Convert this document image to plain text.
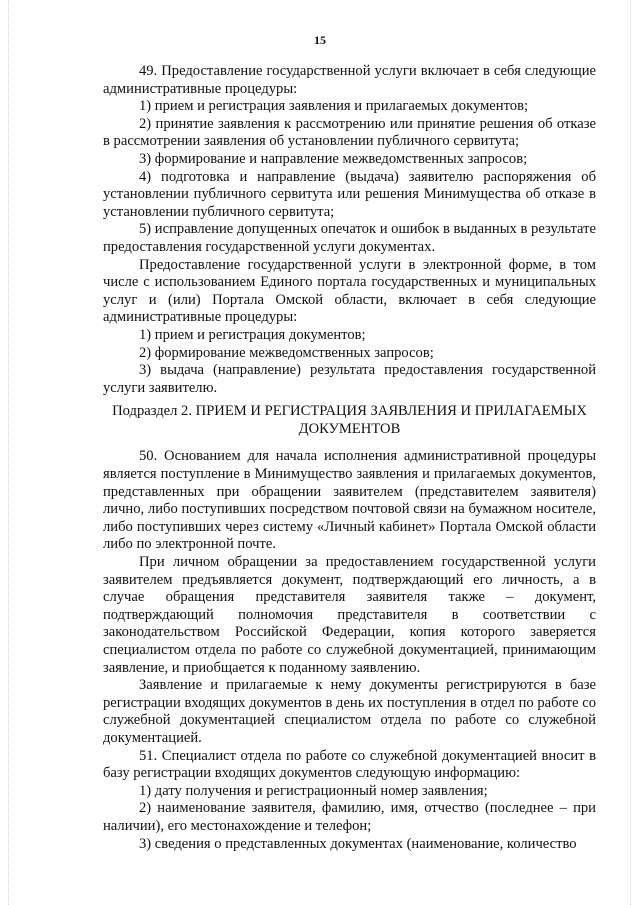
15

49. Предоставление государственной услуги включает в себя следующие административные процедуры:

1) прием и регистрация заявления и прилагаемых документов;

2) принятие заявления к рассмотрению или принятие решения об отказе в рассмотрении заявления об установлении публичного сервитута;

3) формирование и направление межведомственных запросов;

4) подготовка и направление (выдача) заявителю распоряжения об установлении публичного сервитута или решения Минимущества об отказе в установлении публичного сервитута;

5) исправление допущенных опечаток и ошибок в выданных в результате предоставления государственной услуги документах.

Предоставление государственной услуги в электронной форме, в том числе с использованием Единого портала государственных и муниципальных услуг и (или) Портала Омской области, включает в себя следующие административные процедуры:

1) прием и регистрация документов;

2) формирование межведомственных запросов;

3) выдача (направление) результата предоставления государственной услуги заявителю.

Подраздел 2. ПРИЕМ И РЕГИСТРАЦИЯ ЗАЯВЛЕНИЯ И ПРИЛАГАЕМЫХ ДОКУМЕНТОВ

50. Основанием для начала исполнения административной процедуры является поступление в Минимущество заявления и прилагаемых документов, представленных при обращении заявителем (представителем заявителя) лично, либо поступивших посредством почтовой связи на бумажном носителе, либо поступивших через систему «Личный кабинет» Портала Омской области либо по электронной почте.

При личном обращении за предоставлением государственной услуги заявителем предъявляется документ, подтверждающий его личность, а в случае обращения представителя заявителя также – документ, подтверждающий полномочия представителя в соответствии с законодательством Российской Федерации, копия которого заверяется специалистом отдела по работе со служебной документацией, принимающим заявление, и приобщается к поданному заявлению.

Заявление и прилагаемые к нему документы регистрируются в базе регистрации входящих документов в день их поступления в отдел по работе со служебной документацией специалистом отдела по работе со служебной документацией.

51. Специалист отдела по работе со служебной документацией вносит в базу регистрации входящих документов следующую информацию:

1) дату получения и регистрационный номер заявления;

2) наименование заявителя, фамилию, имя, отчество (последнее – при наличии), его местонахождение и телефон;

3) сведения о представленных документах (наименование, количество
